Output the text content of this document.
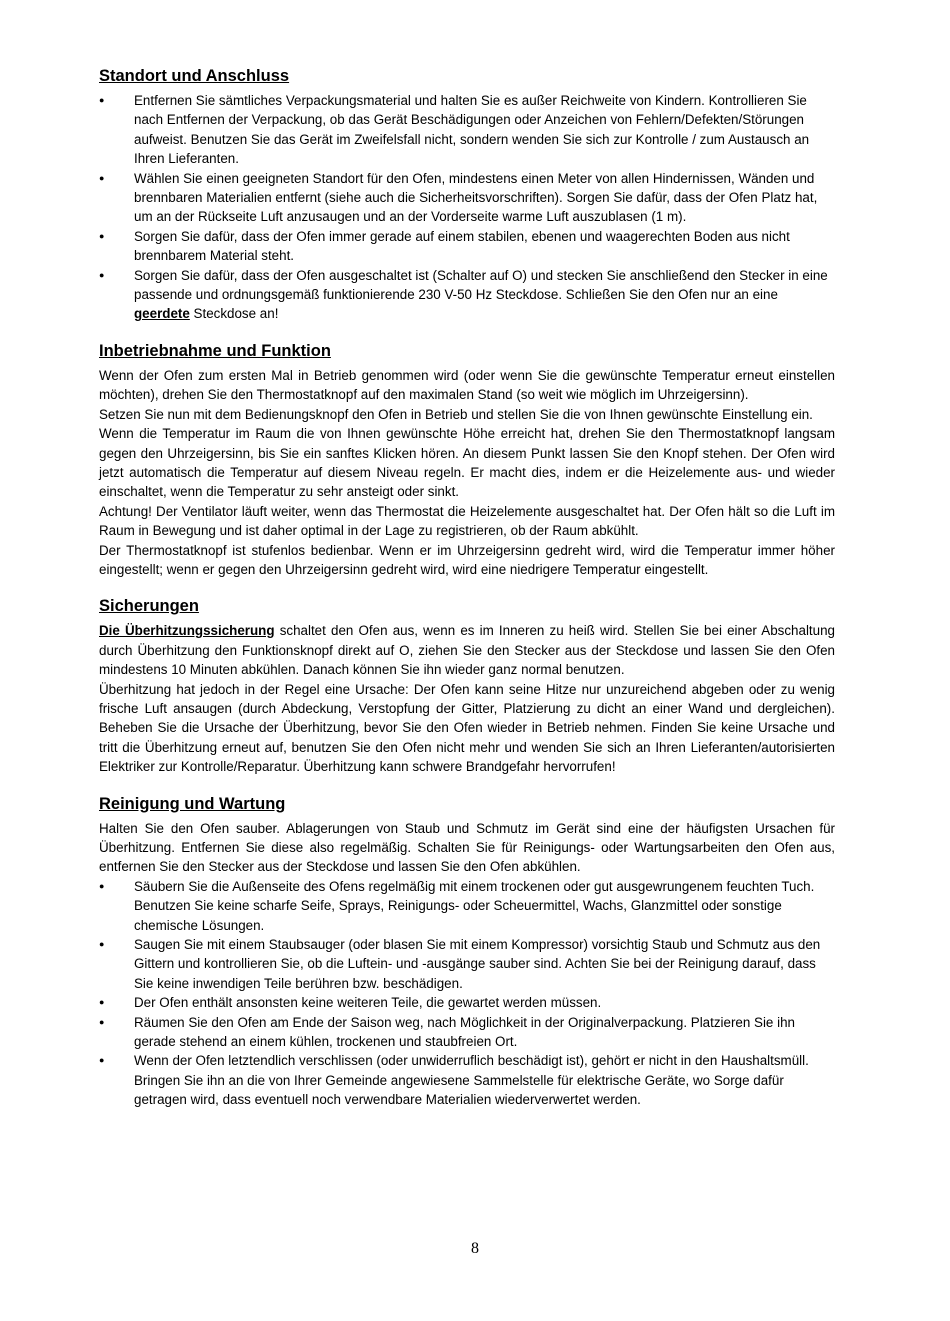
Standort und Anschluss
● Entfernen Sie sämtliches Verpackungsmaterial und halten Sie es außer Reichweite von Kindern. Kontrollieren Sie nach Entfernen der Verpackung, ob das Gerät Beschädigungen oder Anzeichen von Fehlern/Defekten/Störungen aufweist. Benutzen Sie das Gerät im Zweifelsfall nicht, sondern wenden Sie sich zur Kontrolle / zum Austausch an Ihren Lieferanten.
● Wählen Sie einen geeigneten Standort für den Ofen, mindestens einen Meter von allen Hindernissen, Wänden und brennbaren Materialien entfernt (siehe auch die Sicherheitsvorschriften). Sorgen Sie dafür, dass der Ofen Platz hat, um an der Rückseite Luft anzusaugen und an der Vorderseite warme Luft auszublasen (1 m).
● Sorgen Sie dafür, dass der Ofen immer gerade auf einem stabilen, ebenen und waagerechten Boden aus nicht brennbarem Material steht.
● Sorgen Sie dafür, dass der Ofen ausgeschaltet ist (Schalter auf O) und stecken Sie anschließend den Stecker in eine passende und ordnungsgemäß funktionierende 230 V-50 Hz Steckdose. Schließen Sie den Ofen nur an eine geerdete Steckdose an!
Inbetriebnahme und Funktion

Wenn der Ofen zum ersten Mal in Betrieb genommen wird (oder wenn Sie die gewünschte Temperatur erneut einstellen möchten), drehen Sie den Thermostatknopf auf den maximalen Stand (so weit wie möglich im Uhrzeigersinn).

Setzen Sie nun mit dem Bedienungsknopf den Ofen in Betrieb und stellen Sie die von Ihnen gewünschte Einstellung ein.

Wenn die Temperatur im Raum die von Ihnen gewünschte Höhe erreicht hat, drehen Sie den Thermostatknopf langsam gegen den Uhrzeigersinn, bis Sie ein sanftes Klicken hören. An diesem Punkt lassen Sie den Knopf stehen. Der Ofen wird jetzt automatisch die Temperatur auf diesem Niveau regeln. Er macht dies, indem er die Heizelemente aus- und wieder einschaltet, wenn die Temperatur zu sehr ansteigt oder sinkt.

Achtung! Der Ventilator läuft weiter, wenn das Thermostat die Heizelemente ausgeschaltet hat. Der Ofen hält so die Luft im Raum in Bewegung und ist daher optimal in der Lage zu registrieren, ob der Raum abkühlt.

Der Thermostatknopf ist stufenlos bedienbar. Wenn er im Uhrzeigersinn gedreht wird, wird die Temperatur immer höher eingestellt; wenn er gegen den Uhrzeigersinn gedreht wird, wird eine niedrigere Temperatur eingestellt.

Sicherungen

Die Überhitzungssicherung schaltet den Ofen aus, wenn es im Inneren zu heiß wird. Stellen Sie bei einer Abschaltung durch Überhitzung den Funktionsknopf direkt auf O, ziehen Sie den Stecker aus der Steckdose und lassen Sie den Ofen mindestens 10 Minuten abkühlen. Danach können Sie ihn wieder ganz normal benutzen.

Überhitzung hat jedoch in der Regel eine Ursache: Der Ofen kann seine Hitze nur unzureichend abgeben oder zu wenig frische Luft ansaugen (durch Abdeckung, Verstopfung der Gitter, Platzierung zu dicht an einer Wand und dergleichen). Beheben Sie die Ursache der Überhitzung, bevor Sie den Ofen wieder in Betrieb nehmen. Finden Sie keine Ursache und tritt die Überhitzung erneut auf, benutzen Sie den Ofen nicht mehr und wenden Sie sich an Ihren Lieferanten/autorisierten Elektriker zur Kontrolle/Reparatur. Überhitzung kann schwere Brandgefahr hervorrufen!

Reinigung und Wartung

Halten Sie den Ofen sauber. Ablagerungen von Staub und Schmutz im Gerät sind eine der häufigsten Ursachen für Überhitzung. Entfernen Sie diese also regelmäßig. Schalten Sie für Reinigungs- oder Wartungsarbeiten den Ofen aus, entfernen Sie den Stecker aus der Steckdose und lassen Sie den Ofen abkühlen.

● Säubern Sie die Außenseite des Ofens regelmäßig mit einem trockenen oder gut ausgewrungenem feuchten Tuch. Benutzen Sie keine scharfe Seife, Sprays, Reinigungs- oder Scheuermittel, Wachs, Glanzmittel oder sonstige chemische Lösungen.
● Saugen Sie mit einem Staubsauger (oder blasen Sie mit einem Kompressor) vorsichtig Staub und Schmutz aus den Gittern und kontrollieren Sie, ob die Luftein- und -ausgänge sauber sind. Achten Sie bei der Reinigung darauf, dass Sie keine inwendigen Teile berühren bzw. beschädigen.
● Der Ofen enthält ansonsten keine weiteren Teile, die gewartet werden müssen.
● Räumen Sie den Ofen am Ende der Saison weg, nach Möglichkeit in der Originalverpackung. Platzieren Sie ihn gerade stehend an einem kühlen, trockenen und staubfreien Ort.
● Wenn der Ofen letztendlich verschlissen (oder unwiderruflich beschädigt ist), gehört er nicht in den Haushaltsmüll. Bringen Sie ihn an die von Ihrer Gemeinde angewiesene Sammelstelle für elektrische Geräte, wo Sorge dafür getragen wird, dass eventuell noch verwendbare Materialien wiederverwertet werden.
8
